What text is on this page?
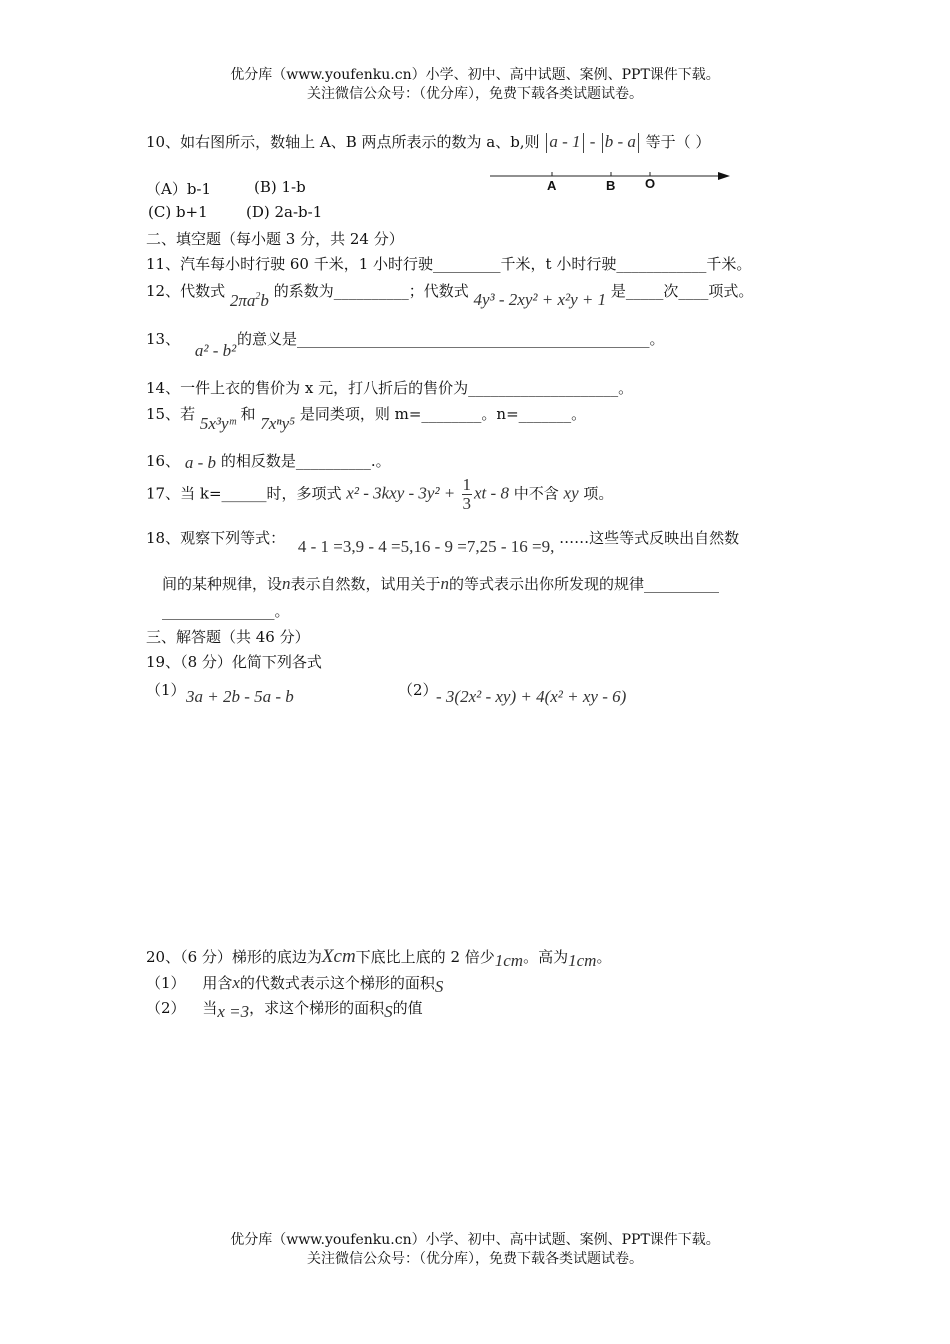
优分库（www.youfenku.cn）小学、初中、高中试题、案例、PPT课件下载。
关注微信公众号：（优分库），免费下载各类试题试卷。
10、如右图所示，数轴上 A、B 两点所表示的数为 a、b,则 a - 1 - b - a 等于（ ）
（A）b-1	(B) 1-b
(C) b+1	(D) 2a-b-1
A	B O
二、填空题（每小题 3 分，共 24 分）
11、汽车每小时行驶 60 千米，1 小时行驶_________千米，t 小时行驶____________千米。
12、代数式 $2\pi a^2b$ 的系数为__________；代数式 4y³ - 2xy² + x²y + 1 是_____次____项式。
13、 a² - b² 的意义是_______________________________________________。
14、一件上衣的售价为 x 元，打八折后的售价为____________________。
15、若 5x³yᵐ 和 7xⁿy⁵ 是同类项，则 m=________。n=_______。
16、 a - b 的相反数是__________.。
17、当 k=______时，多项式 $x^2 - 3kxy - 3y^2 + \frac{1}{3}$ xt - 8 中不含 xy 项。
18、观察下列等式： 4 - 1 =3,9 - 4 =5,16 - 9 =7,25 - 16 =9, ……这些等式反映出自然数
间的某种规律，设n表示自然数，试用关于n的等式表示出你所发现的规律__________
_______________。
三、解答题（共 46 分）
19、（8 分）化简下列各式
（1） 3a + 2b - 5a - b	（2）
- 3(2x² - xy) + 4(x² + xy - 6)
20、（6 分）梯形的底边为Xcm下底比上底的 2 倍少1cm。高为1cm。
（1） 用含x的代数式表示这个梯形的面积S
（2） 当x =3，求这个梯形的面积S的值
优分库（www.youfenku.cn）小学、初中、高中试题、案例、PPT课件下载。
关注微信公众号：（优分库），免费下载各类试题试卷。
